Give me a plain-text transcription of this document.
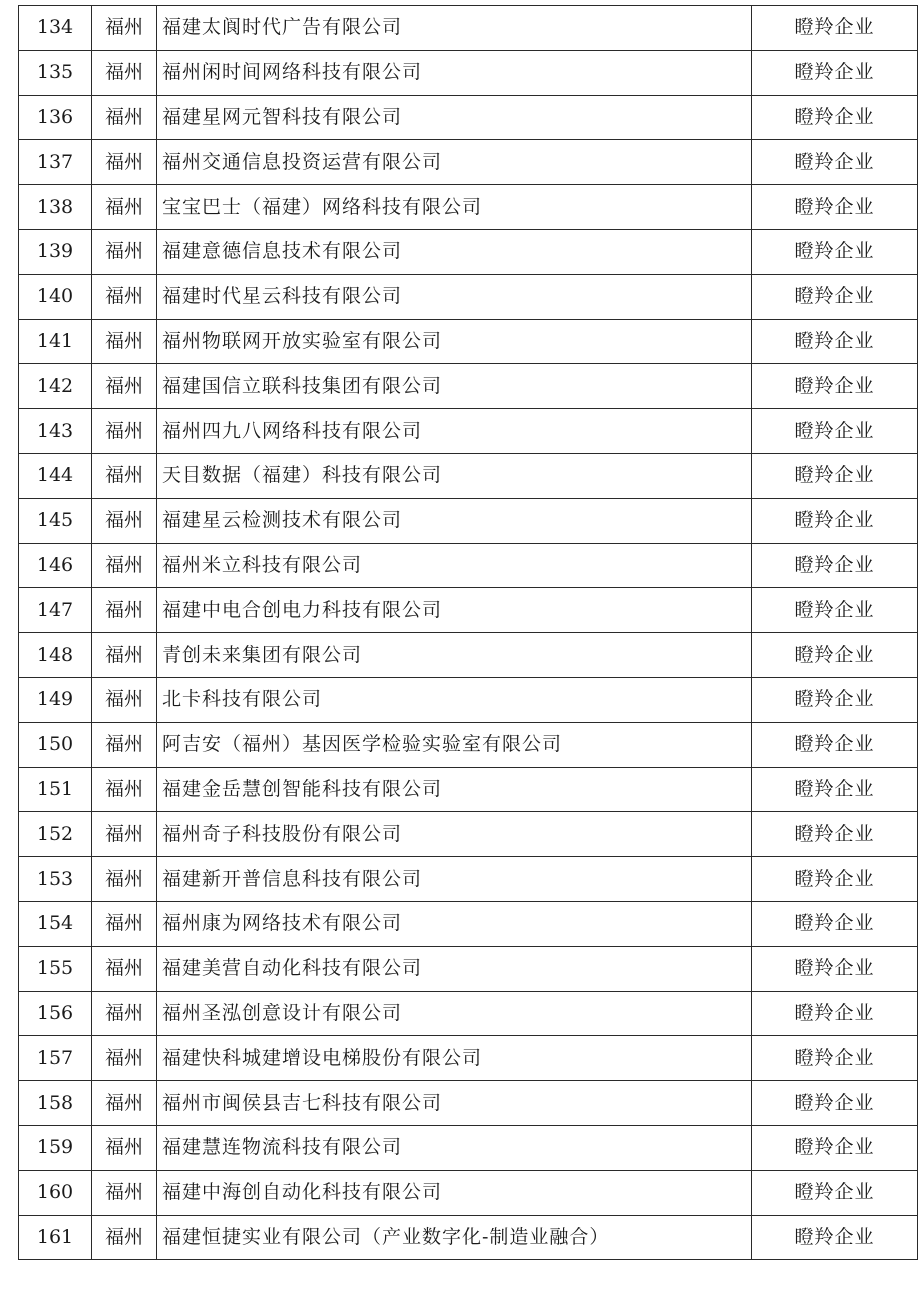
134	福州	福建太阆时代广告有限公司	瞪羚企业
135	福州	福州闲时间网络科技有限公司	瞪羚企业
136	福州	福建星网元智科技有限公司	瞪羚企业
137	福州	福州交通信息投资运营有限公司	瞪羚企业
138	福州	宝宝巴士（福建）网络科技有限公司	瞪羚企业
139	福州	福建意德信息技术有限公司	瞪羚企业
140	福州	福建时代星云科技有限公司	瞪羚企业
141	福州	福州物联网开放实验室有限公司	瞪羚企业
142	福州	福建国信立联科技集团有限公司	瞪羚企业
143	福州	福州四九八网络科技有限公司	瞪羚企业
144	福州	天目数据（福建）科技有限公司	瞪羚企业
145	福州	福建星云检测技术有限公司	瞪羚企业
146	福州	福州米立科技有限公司	瞪羚企业
147	福州	福建中电合创电力科技有限公司	瞪羚企业
148	福州	青创未来集团有限公司	瞪羚企业
149	福州	北卡科技有限公司	瞪羚企业
150	福州	阿吉安（福州）基因医学检验实验室有限公司	瞪羚企业
151	福州	福建金岳慧创智能科技有限公司	瞪羚企业
152	福州	福州奇子科技股份有限公司	瞪羚企业
153	福州	福建新开普信息科技有限公司	瞪羚企业
154	福州	福州康为网络技术有限公司	瞪羚企业
155	福州	福建美营自动化科技有限公司	瞪羚企业
156	福州	福州圣泓创意设计有限公司	瞪羚企业
157	福州	福建快科城建增设电梯股份有限公司	瞪羚企业
158	福州	福州市闽侯县吉七科技有限公司	瞪羚企业
159	福州	福建慧连物流科技有限公司	瞪羚企业
160	福州	福建中海创自动化科技有限公司	瞪羚企业
161	福州	福建恒捷实业有限公司（产业数字化-制造业融合）	瞪羚企业
